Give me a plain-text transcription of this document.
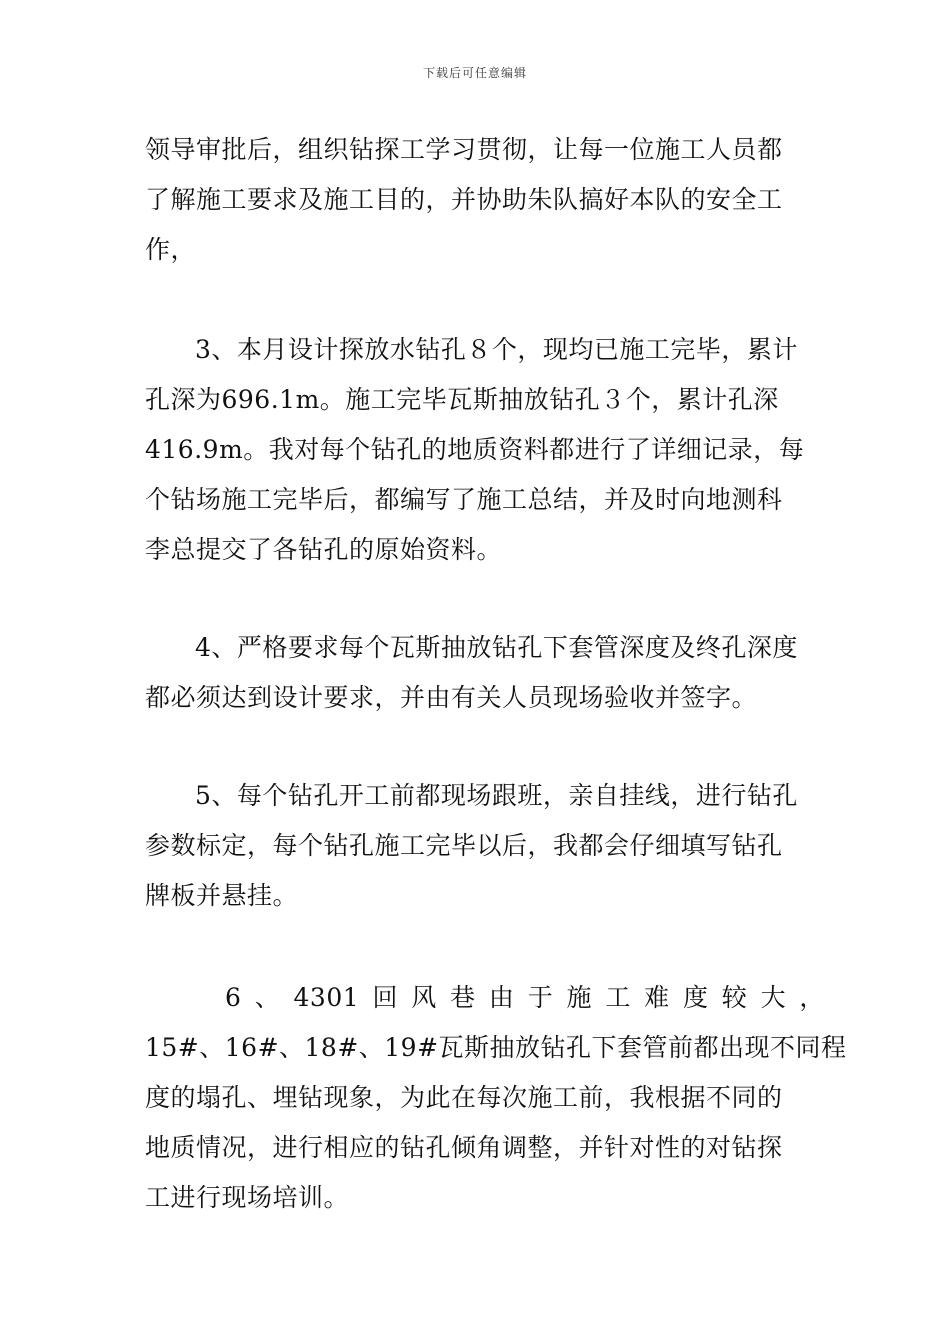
下载后可任意编辑
领导审批后，组织钻探工学习贯彻，让每一位施工人员都
了解施工要求及施工目的，并协助朱队搞好本队的安全工
作，
3、本月设计探放水钻孔８个，现均已施工完毕，累计
孔深为696.1m。施工完毕瓦斯抽放钻孔３个，累计孔深
416.9m。我对每个钻孔的地质资料都进行了详细记录，每
个钻场施工完毕后，都编写了施工总结，并及时向地测科
李总提交了各钻孔的原始资料。
4、严格要求每个瓦斯抽放钻孔下套管深度及终孔深度
都必须达到设计要求，并由有关人员现场验收并签字。
5、每个钻孔开工前都现场跟班，亲自挂线，进行钻孔
参数标定，每个钻孔施工完毕以后，我都会仔细填写钻孔
牌板并悬挂。
6 、 4301 回 风 巷 由 于 施 工 难 度 较 大 ，
15#、16#、18#、19#瓦斯抽放钻孔下套管前都出现不同程
度的塌孔、埋钻现象，为此在每次施工前，我根据不同的
地质情况，进行相应的钻孔倾角调整，并针对性的对钻探
工进行现场培训。
